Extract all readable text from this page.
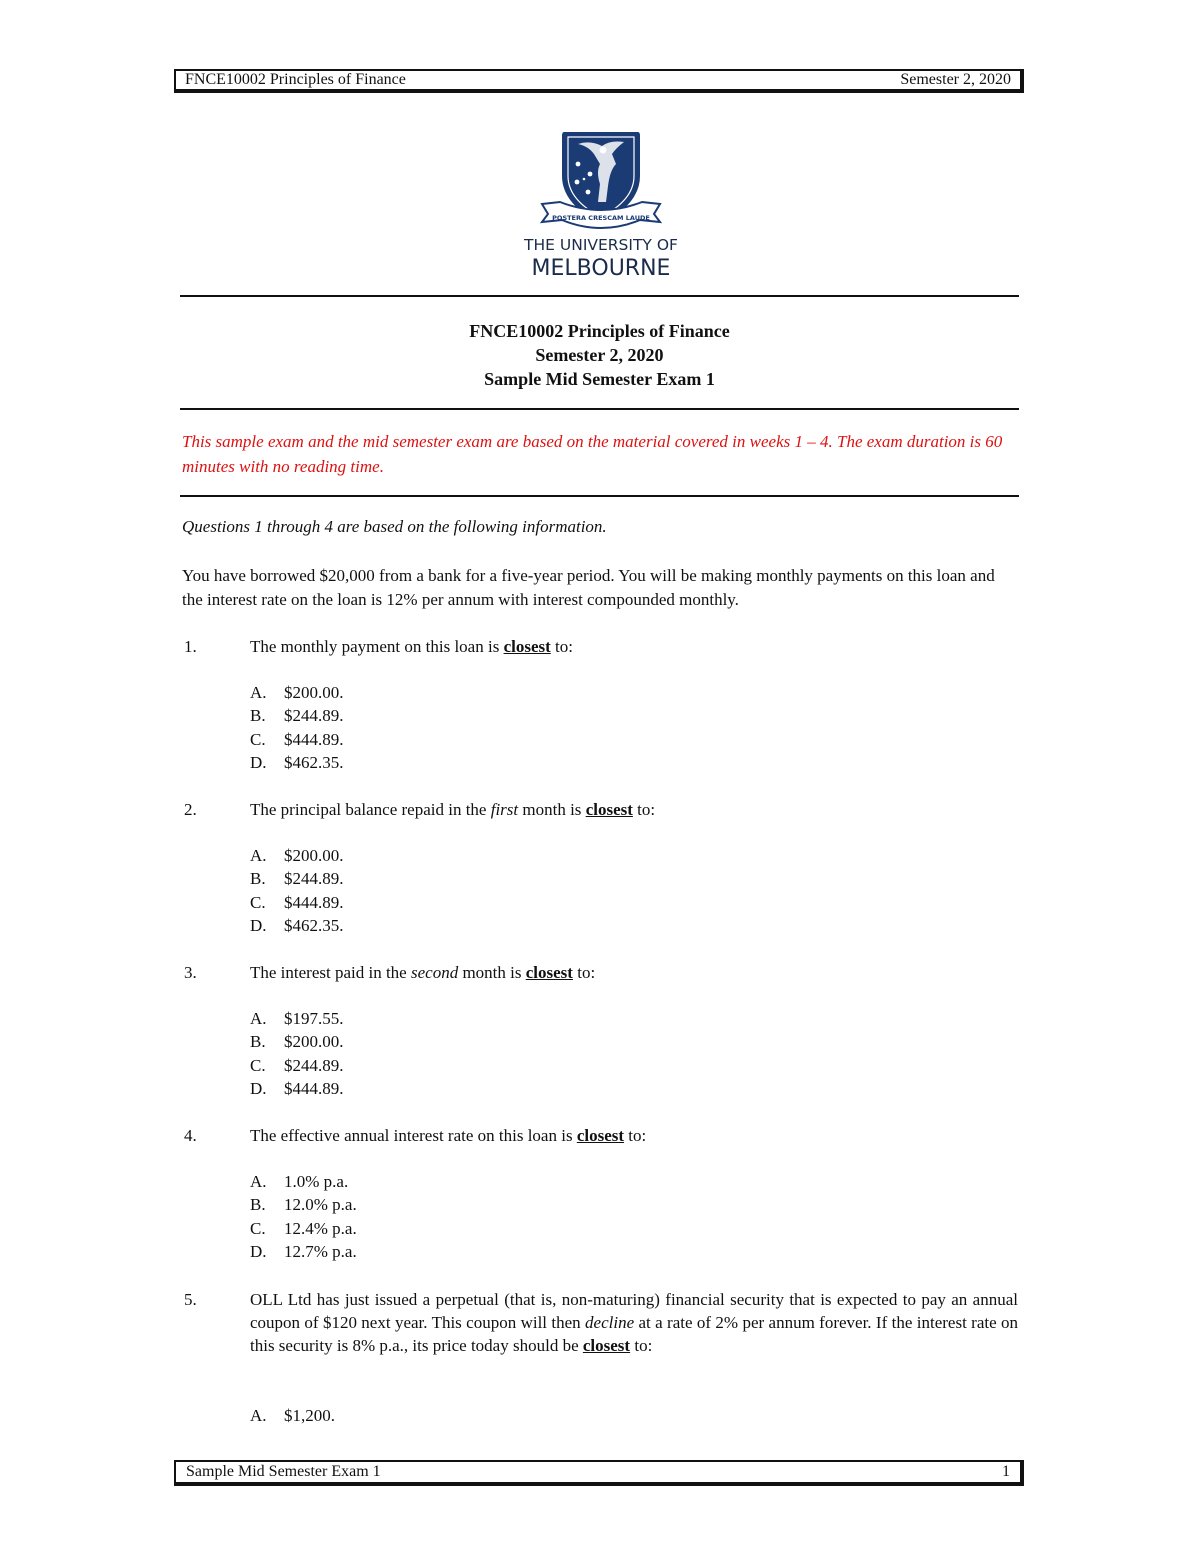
FNCE10002 Principles of Finance	Semester 2, 2020
POSTERA CRESCAM LAUDE
THE UNIVERSITY OF
MELBOURNE
FNCE10002 Principles of Finance
Semester 2, 2020
Sample Mid Semester Exam 1
This sample exam and the mid semester exam are based on the material covered in weeks 1 – 4. The exam duration is 60 minutes with no reading time.
Questions 1 through 4 are based on the following information.
You have borrowed $20,000 from a bank for a five-year period. You will be making monthly payments on this loan and the interest rate on the loan is 12% per annum with interest compounded monthly.
1.	The monthly payment on this loan is closest to:
A.	$200.00.
B.	$244.89.
C.	$444.89.
D.	$462.35.
2.	The principal balance repaid in the first month is closest to:
A.	$200.00.
B.	$244.89.
C.	$444.89.
D.	$462.35.
3.	The interest paid in the second month is closest to:
A.	$197.55.
B.	$200.00.
C.	$244.89.
D.	$444.89.
4.	The effective annual interest rate on this loan is closest to:
A.	1.0% p.a.
B.	12.0% p.a.
C.	12.4% p.a.
D.	12.7% p.a.
5.	OLL Ltd has just issued a perpetual (that is, non-maturing) financial security that is expected to pay an annual coupon of $120 next year. This coupon will then decline at a rate of 2% per annum forever. If the interest rate on this security is 8% p.a., its price today should be closest to:
A.	$1,200.
Sample Mid Semester Exam 1	1
